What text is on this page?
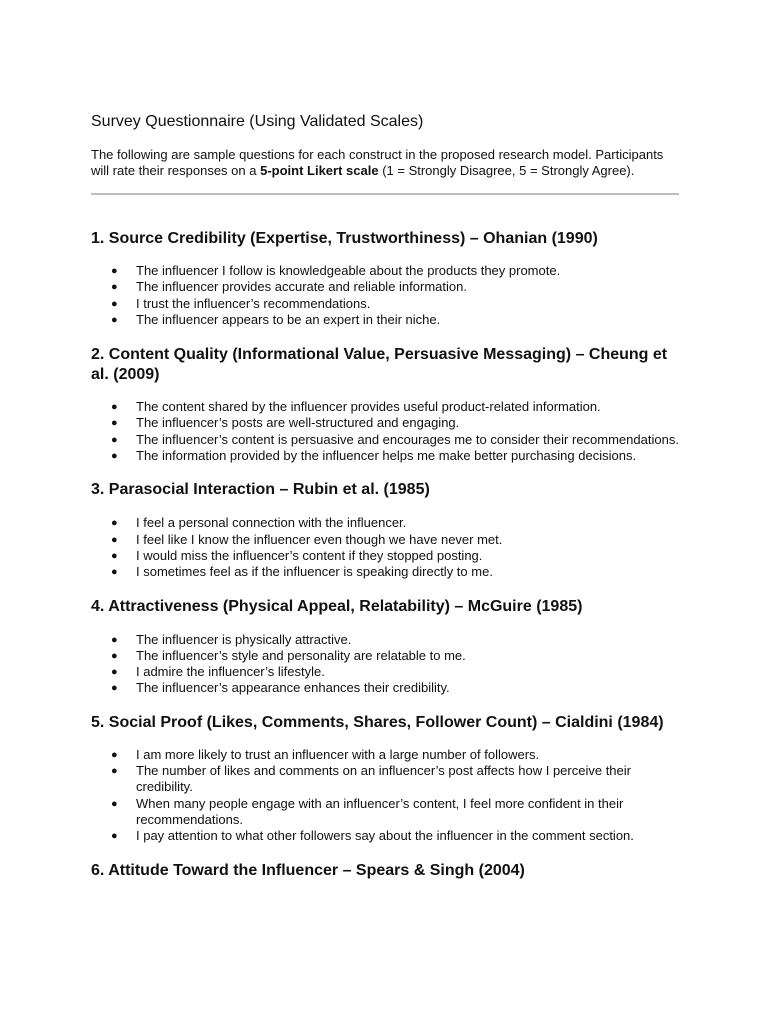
Survey Questionnaire (Using Validated Scales)

The following are sample questions for each construct in the proposed research model. Participants will rate their responses on a 5-point Likert scale (1 = Strongly Disagree, 5 = Strongly Agree).

1. Source Credibility (Expertise, Trustworthiness) – Ohanian (1990)
● The influencer I follow is knowledgeable about the products they promote.
● The influencer provides accurate and reliable information.
● I trust the influencer’s recommendations.
● The influencer appears to be an expert in their niche.
2. Content Quality (Informational Value, Persuasive Messaging) – Cheung et al. (2009)
● The content shared by the influencer provides useful product-related information.
● The influencer’s posts are well-structured and engaging.
● The influencer’s content is persuasive and encourages me to consider their recommendations.
● The information provided by the influencer helps me make better purchasing decisions.
3. Parasocial Interaction – Rubin et al. (1985)
● I feel a personal connection with the influencer.
● I feel like I know the influencer even though we have never met.
● I would miss the influencer’s content if they stopped posting.
● I sometimes feel as if the influencer is speaking directly to me.
4. Attractiveness (Physical Appeal, Relatability) – McGuire (1985)
● The influencer is physically attractive.
● The influencer’s style and personality are relatable to me.
● I admire the influencer’s lifestyle.
● The influencer’s appearance enhances their credibility.
5. Social Proof (Likes, Comments, Shares, Follower Count) – Cialdini (1984)
● I am more likely to trust an influencer with a large number of followers.
● The number of likes and comments on an influencer’s post affects how I perceive their credibility.
● When many people engage with an influencer’s content, I feel more confident in their recommendations.
● I pay attention to what other followers say about the influencer in the comment section.
6. Attitude Toward the Influencer – Spears & Singh (2004)
